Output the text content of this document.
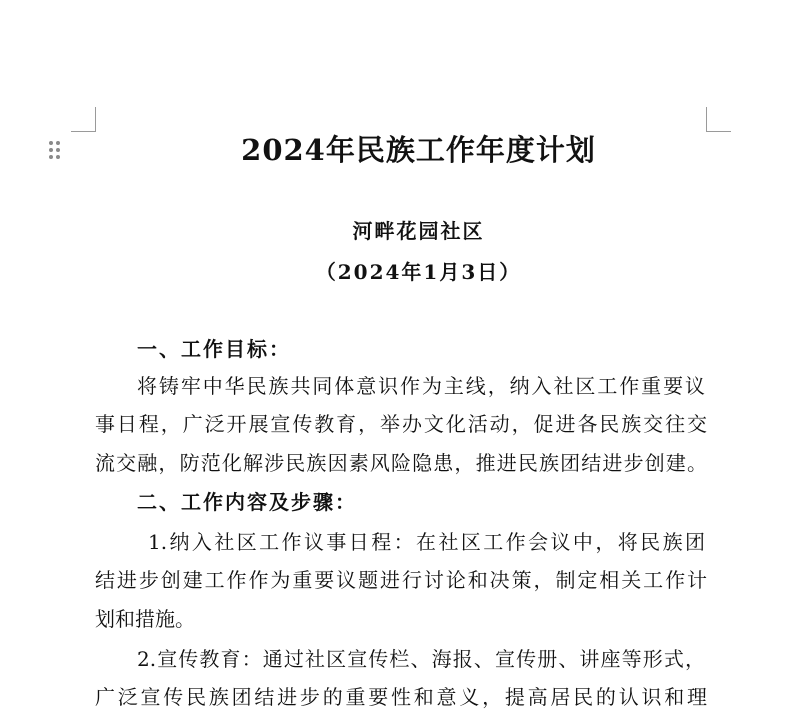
2024年民族工作年度计划
河畔花园社区
（2024年1月3日）
一、工作目标：
将铸牢中华民族共同体意识作为主线，纳入社区工作重要议
事日程，广泛开展宣传教育，举办文化活动，促进各民族交往交
流交融，防范化解涉民族因素风险隐患，推进民族团结进步创建。
二、工作内容及步骤：
1.纳入社区工作议事日程：在社区工作会议中，将民族团
结进步创建工作作为重要议题进行讨论和决策，制定相关工作计
划和措施。
2.宣传教育：通过社区宣传栏、海报、宣传册、讲座等形式，
广泛宣传民族团结进步的重要性和意义，提高居民的认识和理
